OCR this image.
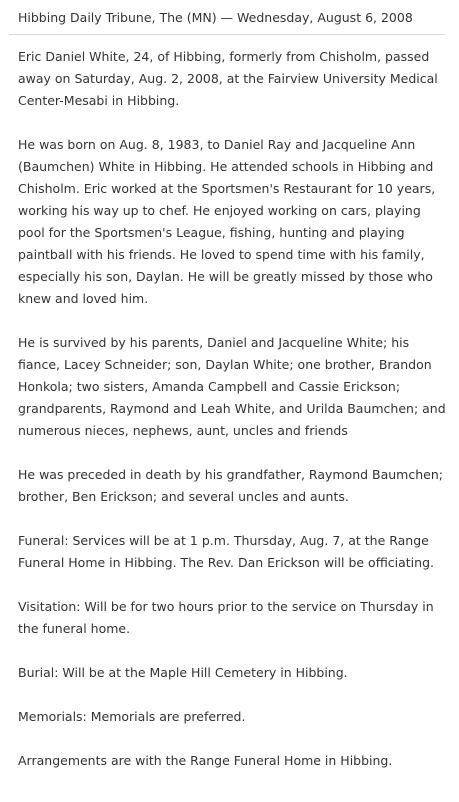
Hibbing Daily Tribune, The (MN) — Wednesday, August 6, 2008

Eric Daniel White, 24, of Hibbing, formerly from Chisholm, passed away on Saturday, Aug. 2, 2008, at the Fairview University Medical Center-Mesabi in Hibbing.

He was born on Aug. 8, 1983, to Daniel Ray and Jacqueline Ann (Baumchen) White in Hibbing. He attended schools in Hibbing and Chisholm. Eric worked at the Sportsmen's Restaurant for 10 years, working his way up to chef. He enjoyed working on cars, playing pool for the Sportsmen's League, fishing, hunting and playing paintball with his friends. He loved to spend time with his family, especially his son, Daylan. He will be greatly missed by those who knew and loved him.

He is survived by his parents, Daniel and Jacqueline White; his fiance, Lacey Schneider; son, Daylan White; one brother, Brandon Honkola; two sisters, Amanda Campbell and Cassie Erickson; grandparents, Raymond and Leah White, and Urilda Baumchen; and numerous nieces, nephews, aunt, uncles and friends

He was preceded in death by his grandfather, Raymond Baumchen; brother, Ben Erickson; and several uncles and aunts.

Funeral: Services will be at 1 p.m. Thursday, Aug. 7, at the Range Funeral Home in Hibbing. The Rev. Dan Erickson will be officiating.

Visitation: Will be for two hours prior to the service on Thursday in the funeral home.

Burial: Will be at the Maple Hill Cemetery in Hibbing.

Memorials: Memorials are preferred.

Arrangements are with the Range Funeral Home in Hibbing.
